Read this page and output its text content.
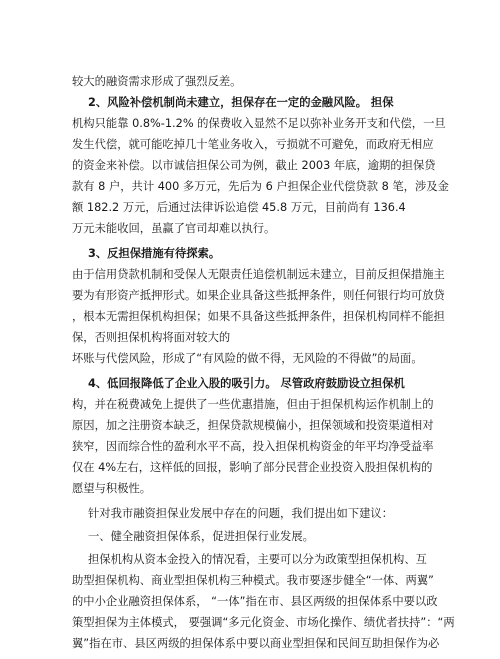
较大的融资需求形成了强烈反差。

2、风险补偿机制尚未建立，担保存在一定的金融风险。 担保

机构只能靠 0.8%-1.2% 的保费收入显然不足以弥补业务开支和代偿，一旦

发生代偿，就可能吃掉几十笔业务收入，亏损就不可避免，而政府无相应

的资金来补偿。以市诚信担保公司为例，截止 2003 年底，逾期的担保贷

款有 8 户，共计 400 多万元，先后为 6 户担保企业代偿贷款 8 笔，涉及金

额 182.2 万元，后通过法律诉讼追偿 45.8 万元，目前尚有 136.4

万元未能收回，虽赢了官司却难以执行。

3、反担保措施有待探索。

由于信用贷款机制和受保人无限责任追偿机制远未建立，目前反担保措施主

要为有形资产抵押形式。如果企业具备这些抵押条件，则任何银行均可放贷

，根本无需担保机构担保；如果不具备这些抵押条件，担保机构同样不能担

保，否则担保机构将面对较大的

坏账与代偿风险，形成了“有风险的做不得，无风险的不得做”的局面。

4、低回报降低了企业入股的吸引力。 尽管政府鼓励设立担保机

构，并在税费减免上提供了一些优惠措施，但由于担保机构运作机制上的

原因，加之注册资本缺乏，担保贷款规模偏小，担保领域和投资渠道相对

狭窄，因而综合性的盈利水平不高，投入担保机构资金的年平均净受益率

仅在 4%左右，这样低的回报，影响了部分民营企业投资入股担保机构的

愿望与积极性。

针对我市融资担保业发展中存在的问题，我们提出如下建议：

一、健全融资担保体系，促进担保行业发展。

担保机构从资本金投入的情况看，主要可以分为政策型担保机构、互

助型担保机构、商业型担保机构三种模式。我市要逐步健全“一体、两翼”

的中小企业融资担保体系， “一体”指在市、县区两级的担保体系中要以政

策型担保为主体模式， 要强调“多元化资金、市场化操作、绩优者扶持”：“两

翼”指在市、县区两级的担保体系中要以商业型担保和民间互助担保作为必
